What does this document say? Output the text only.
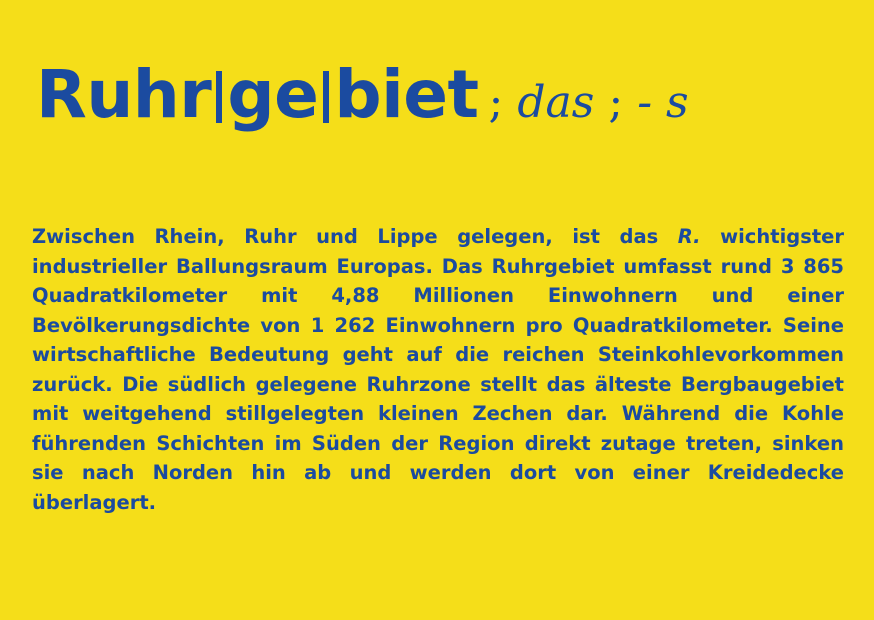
Ruhr ge biet ; das ; - s
Zwischen Rhein, Ruhr und Lippe gelegen, ist das R. wichtigster industrieller Ballungsraum Europas. Das Ruhrgebiet umfasst rund 3 865 Quadratkilometer mit 4,88 Millionen Einwohnern und einer Bevölkerungsdichte von 1 262 Einwohnern pro Quadratkilometer. Seine wirtschaftliche Bedeutung geht auf die reichen Steinkohlevorkommen zurück. Die südlich gelegene Ruhrzone stellt das älteste Bergbaugebiet mit weitgehend stillgelegten kleinen Zechen dar. Während die Kohle führenden Schichten im Süden der Region direkt zutage treten, sinken sie nach Norden hin ab und werden dort von einer Kreidedecke überlagert.
